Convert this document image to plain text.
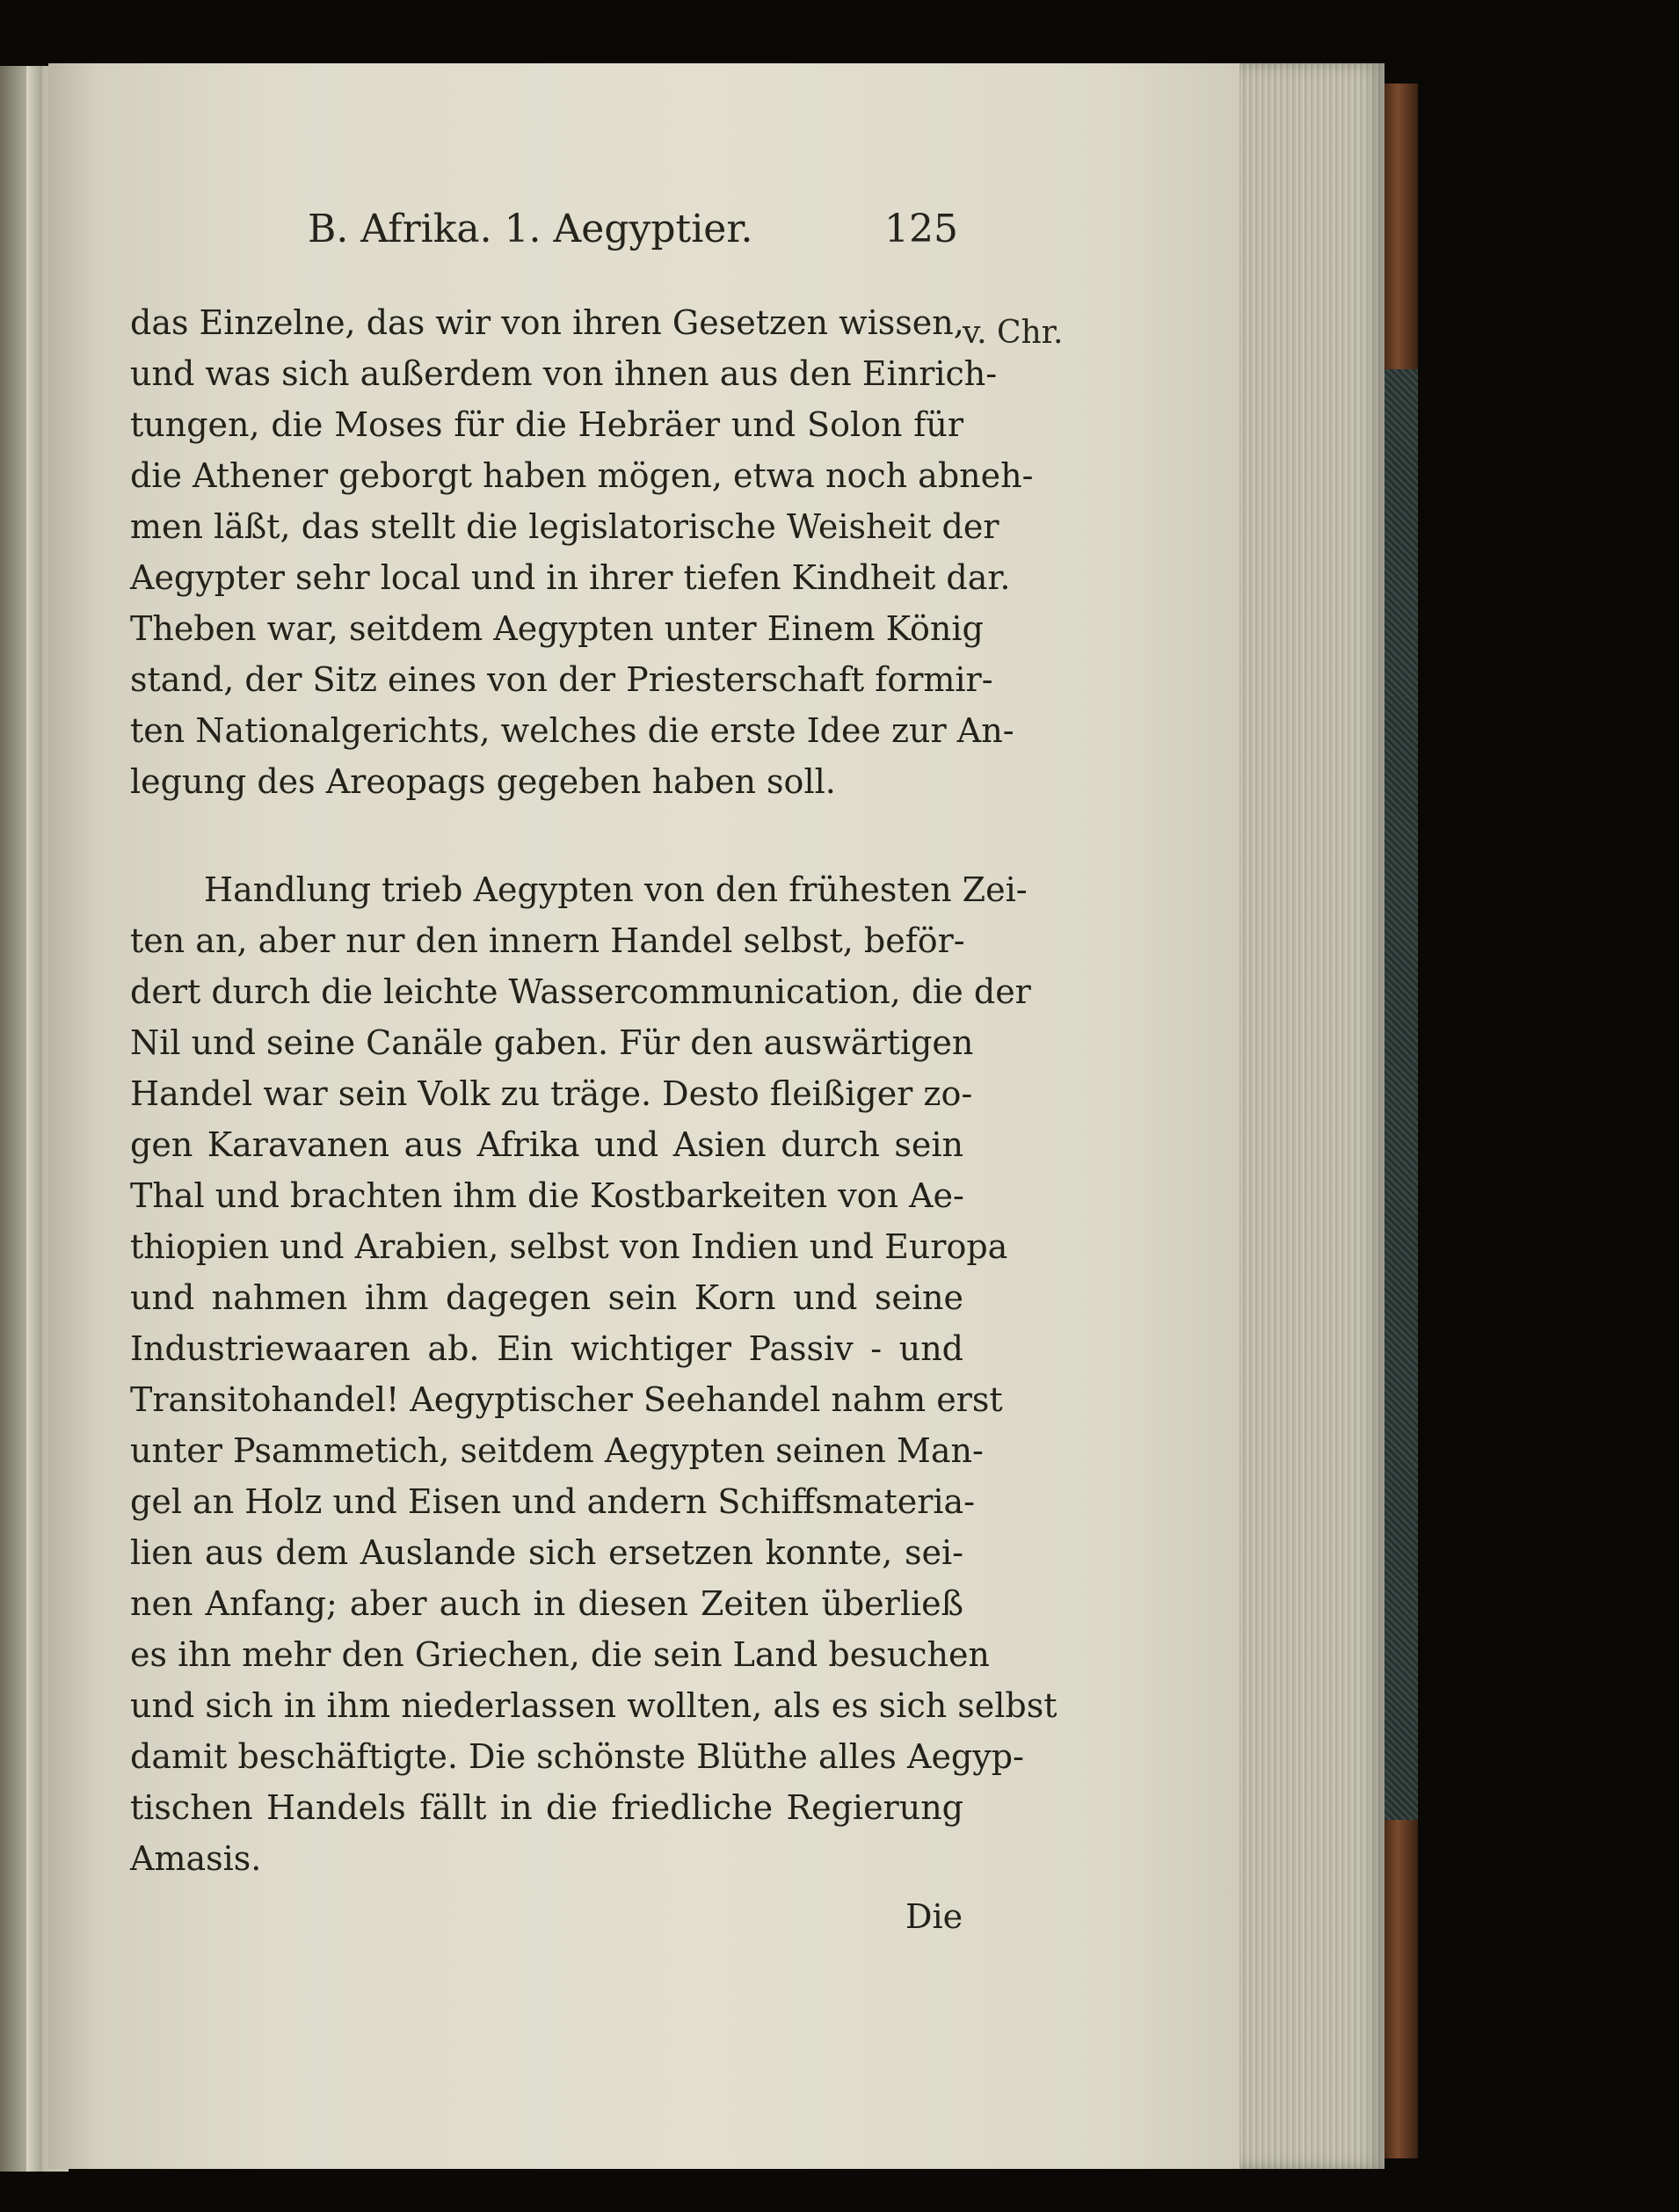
B. Afrika. 1. Aegyptier.	125
v. Chr.
das Einzelne, das wir von ihren Gesetzen wissen,
und was sich außerdem von ihnen aus den Einrich-
tungen, die Moses für die Hebräer und Solon für
die Athener geborgt haben mögen, etwa noch abneh-
men läßt, das stellt die legislatorische Weisheit der
Aegypter sehr local und in ihrer tiefen Kindheit dar.
Theben war, seitdem Aegypten unter Einem König
stand, der Sitz eines von der Priesterschaft formir-
ten Nationalgerichts, welches die erste Idee zur An-
legung des Areopags gegeben haben soll.
Handlung trieb Aegypten von den frühesten Zei-
ten an, aber nur den innern Handel selbst, beför-
dert durch die leichte Wassercommunication, die der
Nil und seine Canäle gaben. Für den auswärtigen
Handel war sein Volk zu träge. Desto fleißiger zo-
gen Karavanen aus Afrika und Asien durch sein
Thal und brachten ihm die Kostbarkeiten von Ae-
thiopien und Arabien, selbst von Indien und Europa
und nahmen ihm dagegen sein Korn und seine
Industriewaaren ab. Ein wichtiger Passiv - und
Transitohandel! Aegyptischer Seehandel nahm erst
unter Psammetich, seitdem Aegypten seinen Man-
gel an Holz und Eisen und andern Schiffsmateria-
lien aus dem Auslande sich ersetzen konnte, sei-
nen Anfang; aber auch in diesen Zeiten überließ
es ihn mehr den Griechen, die sein Land besuchen
und sich in ihm niederlassen wollten, als es sich selbst
damit beschäftigte. Die schönste Blüthe alles Aegyp-
tischen Handels fällt in die friedliche Regierung
Amasis.
Die
